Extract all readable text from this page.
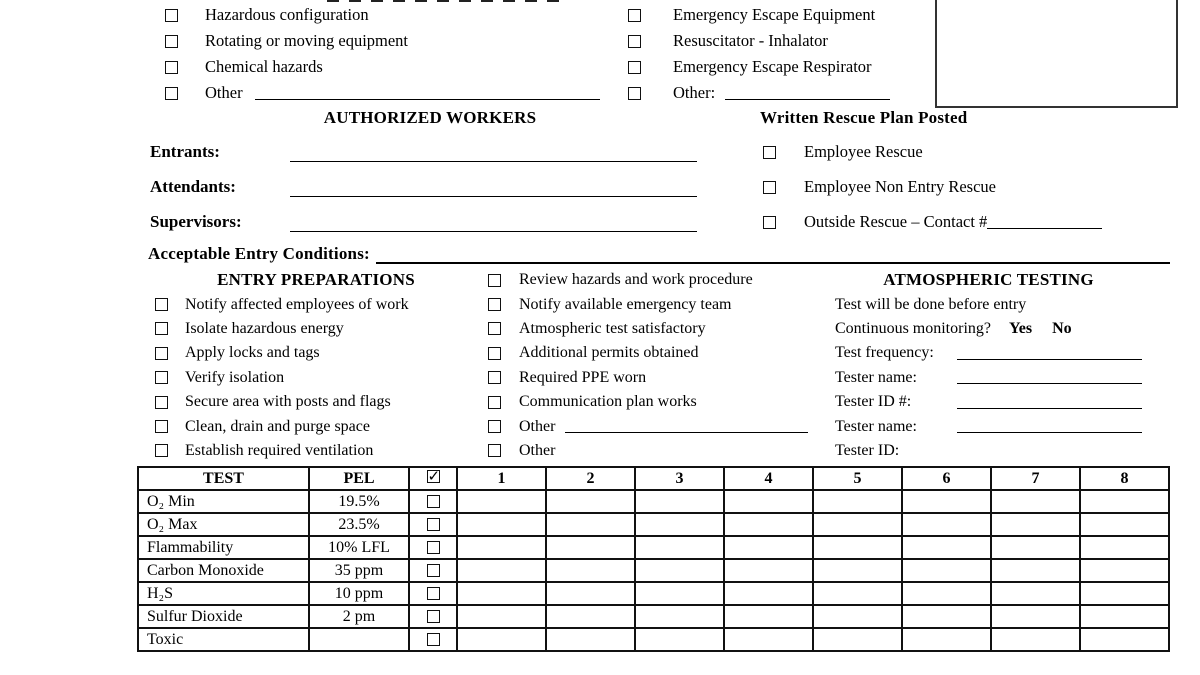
Hazardous configuration
Rotating or moving equipment
Chemical hazards
Other
Emergency Escape Equipment
Resuscitator - Inhalator
Emergency Escape Respirator
Other:
AUTHORIZED WORKERS	Written Rescue Plan Posted
Entrants:
Attendants:
Supervisors:
Employee Rescue
Employee Non Entry Rescue
Outside Rescue – Contact #
Acceptable Entry Conditions:
ENTRY PREPARATIONS
Notify affected employees of work
Isolate hazardous energy
Apply locks and tags
Verify isolation
Secure area with posts and flags
Clean, drain and purge space
Establish required ventilation
Review hazards and work procedure
Notify available emergency team
Atmospheric test satisfactory
Additional permits obtained
Required PPE worn
Communication plan works
Other
Other
ATMOSPHERIC TESTING
Test will be done before entry
Continuous monitoring? Yes No
Test frequency:
Tester name:
Tester ID #:
Tester name:
Tester ID:
TEST	PEL	✓	1	2	3	4	5	6	7	8
O₂ Min	19.5%									
O₂ Max	23.5%									
Flammability	10% LFL									
Carbon Monoxide	35 ppm									
H₂S	10 ppm									
Sulfur Dioxide	2 pm									
Toxic										
